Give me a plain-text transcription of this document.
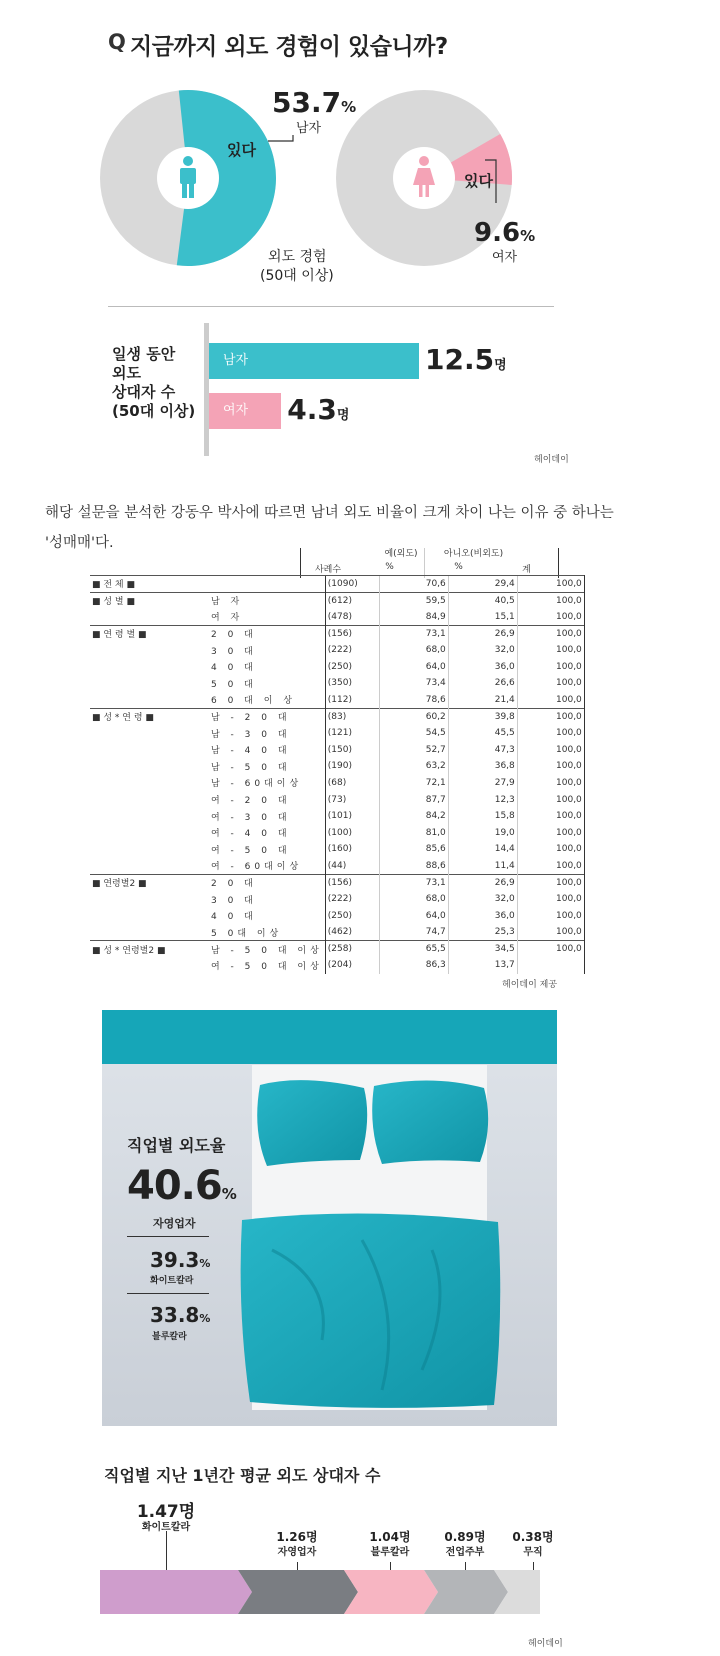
Q 지금까지 외도 경험이 있습니까?
53.7%
남자
있다
있다
9.6%
여자
외도 경험
(50대 이상)
일생 동안
외도
상대자 수
(50대 이상)
남자
여자
12.5명
4.3명
헤이데이
해당 설문을 분석한 강동우 박사에 따르면 남녀 외도 비율이 크게 차이 나는 이유 중 하나는
'성매매'다.
예(외도)	아니오(비외도)
사례수	%	%	계
■ 전 체 ■		(1090)	70,6	29,4	100,0
■ 성 별 ■	남 자	(612)	59,5	40,5	100,0
	여 자	(478)	84,9	15,1	100,0
■ 연 령 별 ■	2 0 대	(156)	73,1	26,9	100,0
	3 0 대	(222)	68,0	32,0	100,0
	4 0 대	(250)	64,0	36,0	100,0
	5 0 대	(350)	73,4	26,6	100,0
	6 0 대 이 상	(112)	78,6	21,4	100,0
■ 성 * 연 령 ■	남 - 2 0 대	(83)	60,2	39,8	100,0
	남 - 3 0 대	(121)	54,5	45,5	100,0
	남 - 4 0 대	(150)	52,7	47,3	100,0
	남 - 5 0 대	(190)	63,2	36,8	100,0
	남 - 60대이상	(68)	72,1	27,9	100,0
	여 - 2 0 대	(73)	87,7	12,3	100,0
	여 - 3 0 대	(101)	84,2	15,8	100,0
	여 - 4 0 대	(100)	81,0	19,0	100,0
	여 - 5 0 대	(160)	85,6	14,4	100,0
	여 - 60대이상	(44)	88,6	11,4	100,0
■ 연령별2 ■	2 0 대	(156)	73,1	26,9	100,0
	3 0 대	(222)	68,0	32,0	100,0
	4 0 대	(250)	64,0	36,0	100,0
	5 0대 이상	(462)	74,7	25,3	100,0
■ 성 * 연령별2 ■	남 - 5 0 대 이상	(258)	65,5	34,5	100,0
	여 - 5 0 대 이상	(204)	86,3	13,7	
헤이데이 제공
직업별 외도율
40.6%
자영업자
39.3%
화이트칼라
33.8%
블루칼라
직업별 지난 1년간 평균 외도 상대자 수
1.47명
화이트칼라
1.26명
자영업자
1.04명
블루칼라
0.89명
전업주부
0.38명
무직
헤이데이
